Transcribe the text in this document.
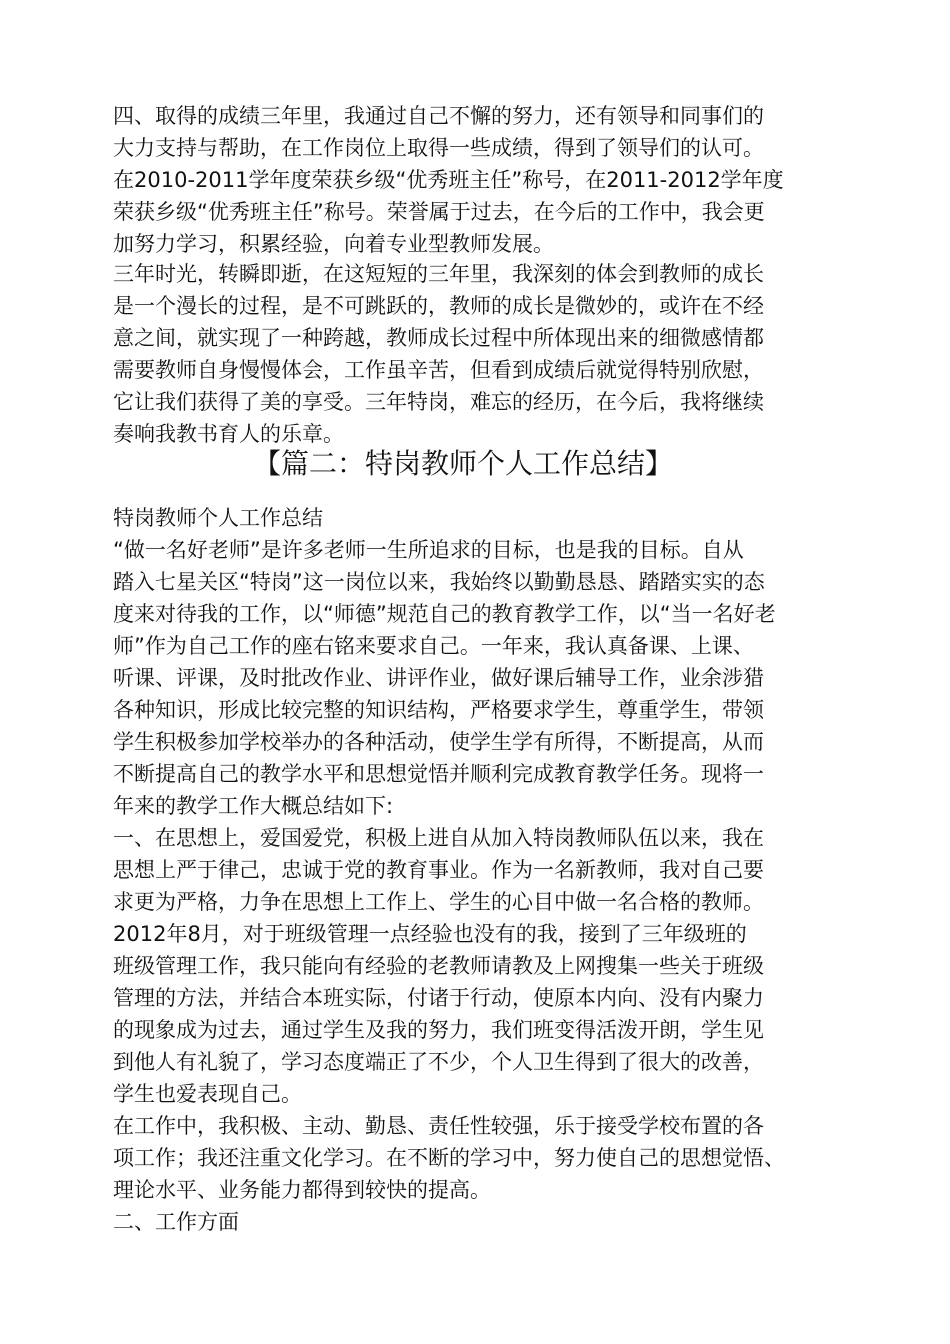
四、取得的成绩三年里，我通过自己不懈的努力，还有领导和同事们的
大力支持与帮助，在工作岗位上取得一些成绩，得到了领导们的认可。
在2010-2011学年度荣获乡级“优秀班主任”称号，在2011-2012学年度
荣获乡级“优秀班主任”称号。荣誉属于过去，在今后的工作中，我会更
加努力学习，积累经验，向着专业型教师发展。
三年时光，转瞬即逝，在这短短的三年里，我深刻的体会到教师的成长
是一个漫长的过程，是不可跳跃的，教师的成长是微妙的，或许在不经
意之间，就实现了一种跨越，教师成长过程中所体现出来的细微感情都
需要教师自身慢慢体会，工作虽辛苦，但看到成绩后就觉得特别欣慰，
它让我们获得了美的享受。三年特岗，难忘的经历，在今后，我将继续
奏响我教书育人的乐章。
【篇二：特岗教师个人工作总结】
特岗教师个人工作总结
“做一名好老师”是许多老师一生所追求的目标，也是我的目标。自从
踏入七星关区“特岗”这一岗位以来，我始终以勤勤恳恳、踏踏实实的态
度来对待我的工作，以“师德”规范自己的教育教学工作，以“当一名好老
师”作为自己工作的座右铭来要求自己。一年来，我认真备课、上课、
听课、评课，及时批改作业、讲评作业，做好课后辅导工作，业余涉猎
各种知识，形成比较完整的知识结构，严格要求学生，尊重学生，带领
学生积极参加学校举办的各种活动，使学生学有所得，不断提高，从而
不断提高自己的教学水平和思想觉悟并顺利完成教育教学任务。现将一
年来的教学工作大概总结如下:
一、在思想上，爱国爱党，积极上进自从加入特岗教师队伍以来，我在
思想上严于律己，忠诚于党的教育事业。作为一名新教师，我对自己要
求更为严格，力争在思想上工作上、学生的心目中做一名合格的教师。
2012年8月，对于班级管理一点经验也没有的我，接到了三年级班的
班级管理工作，我只能向有经验的老教师请教及上网搜集一些关于班级
管理的方法，并结合本班实际，付诸于行动，使原本内向、没有内聚力
的现象成为过去，通过学生及我的努力，我们班变得活泼开朗，学生见
到他人有礼貌了，学习态度端正了不少，个人卫生得到了很大的改善，
学生也爱表现自己。
在工作中，我积极、主动、勤恳、责任性较强，乐于接受学校布置的各
项工作；我还注重文化学习。在不断的学习中，努力使自己的思想觉悟、
理论水平、业务能力都得到较快的提高。
二、工作方面
